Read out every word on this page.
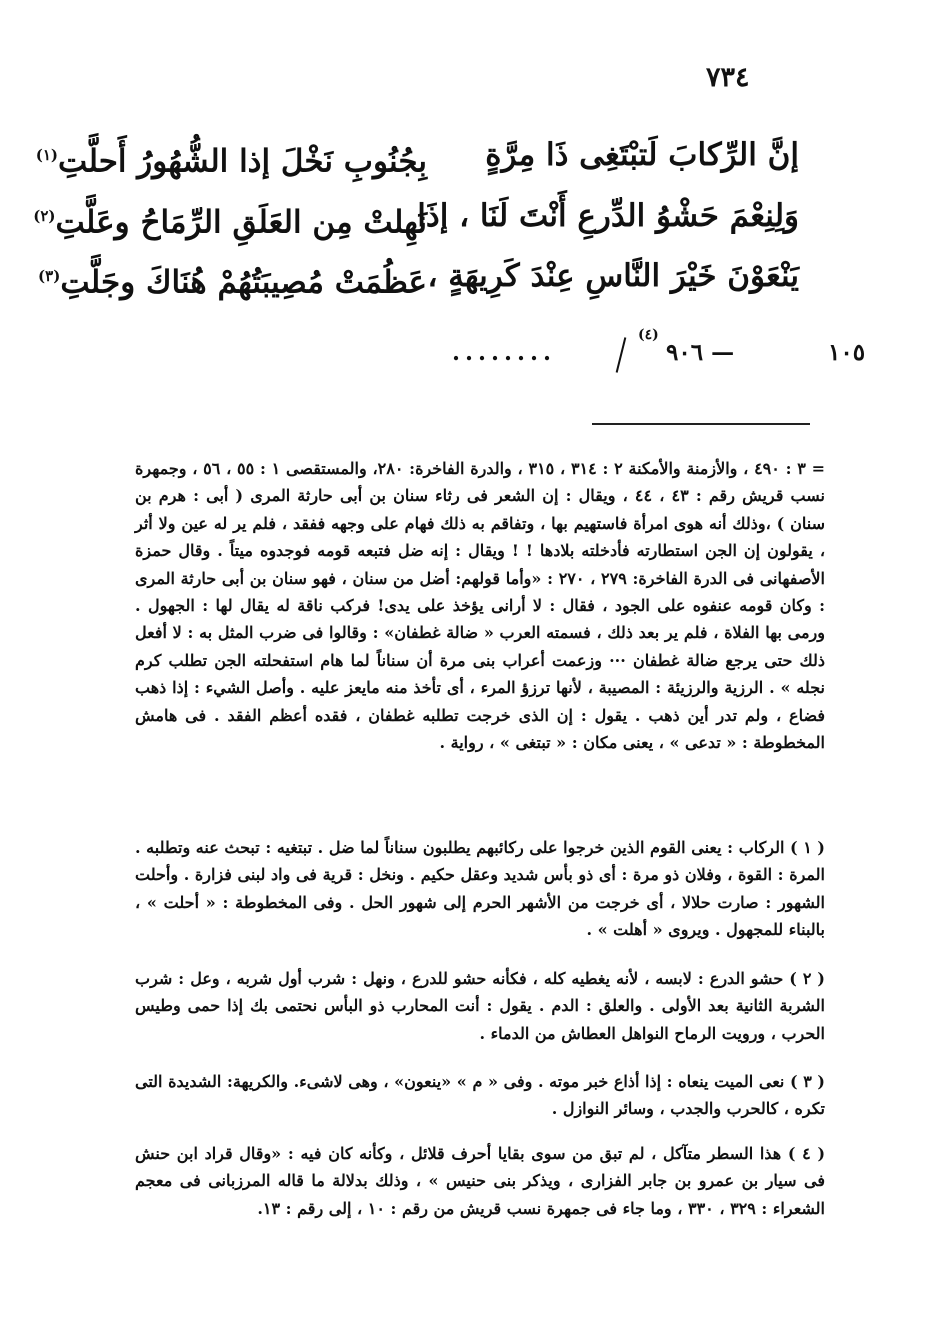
٧٣٤
إنَّ الرِّكابَ لَتبْتَغِى ذَا مِرَّةٍ
بِجُنُوبِ نَخْلَ إذا الشُّهُورُ أَحلَّتِ$^{(١)}$
وَلِنِعْمَ حَشْوُ الدِّرعِ أَنْتَ لَنَا ، إذَا
نَهِلتْ مِن العَلَقِ الرِّمَاحُ وعَلَّتِ$^{(٢)}$
يَنْعَوْنَ خَيْرَ النَّاسِ عِنْدَ كَرِيهَةٍ ،
عَظُمَتْ مُصِيبَتُهُمْ هُنَاكَ وجَلَّتِ$^{(٣)}$
........
(٤)
٩٠٦ —	١٠٥

= ٣ : ٤٩٠ ، والأزمنة والأمكنة ٢ : ٣١٤ ، ٣١٥ ، والدرة الفاخرة: ٢٨٠، والمستقصى ١ : ٥٥ ، ٥٦ ، وجمهرة نسب قريش رقم : ٤٣ ، ٤٤ ، ويقال : إن الشعر فى رثاء سنان بن أبى حارثة المرى ( أبى : هرم بن سنان ) ،وذلك أنه هوى امرأة فاستهيم بها ، وتفاقم به ذلك فهام على وجهه ففقد ، فلم ير له عين ولا أثر ، يقولون إن الجن استطارته فأدخلته بلادها ! ! ويقال : إنه ضل فتبعه قومه فوجدوه ميتاً . وقال حمزة الأصفهانى فى الدرة الفاخرة: ٢٧٩ ، ٢٧٠ : «وأما قولهم: أضل من سنان ، فهو سنان بن أبى حارثة المرى : وكان قومه عنفوه على الجود ، فقال : لا أرانى يؤخذ على يدى! فركب ناقة له يقال لها : الجهول . ورمى بها الفلاة ، فلم ير بعد ذلك ، فسمته العرب « ضالة غطفان» : وقالوا فى ضرب المثل به : لا أفعل ذلك حتى يرجع ضالة غطفان ··· وزعمت أعراب بنى مرة أن سناناً لما هام استفحلته الجن تطلب كرم نجله » . الرزية والرزيئة : المصيبة ، لأنها ترزؤ المرء ، أى تأخذ منه مايعز عليه . وأصل الشيء : إذا ذهب فضاع ، ولم تدر أين ذهب . يقول : إن الذى خرجت تطلبه غطفان ، فقده أعظم الفقد . فى هامش المخطوطة : « تدعى » ، يعنى مكان : « تبتغى » ، رواية .

( ١ ) الركاب : يعنى القوم الذين خرجوا على ركائبهم يطلبون سناناً لما ضل . تبتغيه : تبحث عنه وتطلبه . المرة : القوة ، وفلان ذو مرة : أى ذو بأس شديد وعقل حكيم . ونخل : قرية فى واد لبنى فزارة . وأحلت الشهور : صارت حلالا ، أى خرجت من الأشهر الحرم إلى شهور الحل . وفى المخطوطة : « أحلت » ، بالبناء للمجهول . ويروى « أهلت » .

( ٢ ) حشو الدرع : لابسه ، لأنه يغطيه كله ، فكأنه حشو للدرع ، ونهل : شرب أول شربه ، وعل : شرب الشربة الثانية بعد الأولى . والعلق : الدم . يقول : أنت المحارب ذو البأس نحتمى بك إذا حمى وطيس الحرب ، ورويت الرماح النواهل العطاش من الدماء .

( ٣ ) نعى الميت ينعاه : إذا أذاع خبر موته . وفى « م » «ينعون» ، وهى لاشىء. والكريهة: الشديدة التى تكره ، كالحرب والجدب ، وسائر النوازل .

( ٤ ) هذا السطر متآكل ، لم تبق من سوى بقايا أحرف قلائل ، وكأنه كان فيه : «وقال قراد ابن حنش فى سيار بن عمرو بن جابر الفزارى ، ويذكر بنى حنيس » ، وذلك بدلالة ما قاله المرزبانى فى معجم الشعراء : ٣٢٩ ، ٣٣٠ ، وما جاء فى جمهرة نسب قريش من رقم : ١٠ ، إلى رقم : ١٣.
